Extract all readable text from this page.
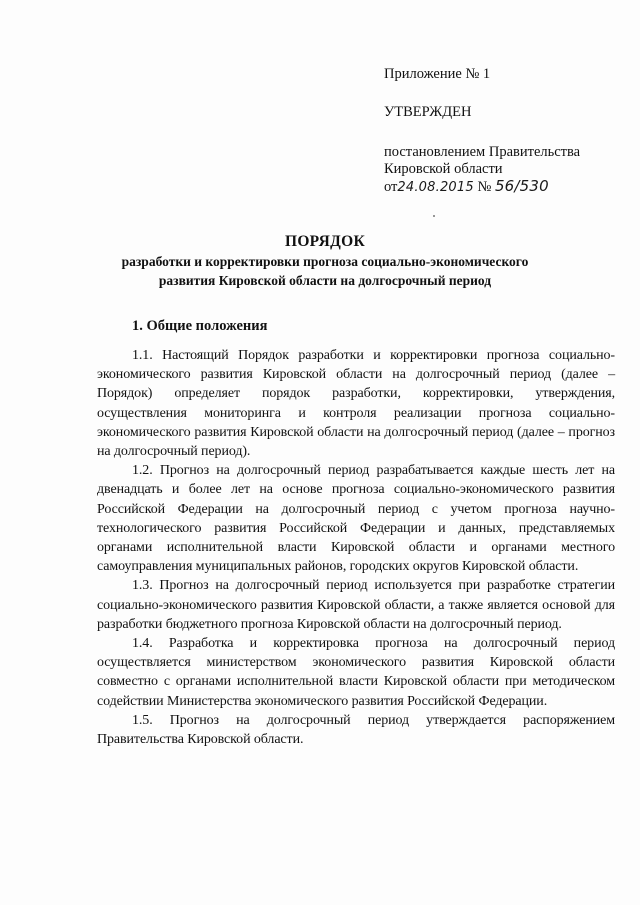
Приложение № 1
УТВЕРЖДЕН
постановлением Правительства
Кировской области
от24.08.2015 № 56/530
ПОРЯДОК
разработки и корректировки прогноза социально-экономического
развития Кировской области на долгосрочный период
1. Общие положения

1.1. Настоящий Порядок разработки и корректировки прогноза социально-экономического развития Кировской области на долгосрочный период (далее – Порядок) определяет порядок разработки, корректировки, утверждения, осуществления мониторинга и контроля реализации прогноза социально-экономического развития Кировской области на долгосрочный период (далее – прогноз на долгосрочный период).

1.2. Прогноз на долгосрочный период разрабатывается каждые шесть лет на двенадцать и более лет на основе прогноза социально-экономического развития Российской Федерации на долгосрочный период с учетом прогноза научно-технологического развития Российской Федерации и данных, представляемых органами исполнительной власти Кировской области и органами местного самоуправления муниципальных районов, городских округов Кировской области.

1.3. Прогноз на долгосрочный период используется при разработке стратегии социально-экономического развития Кировской области, а также является основой для разработки бюджетного прогноза Кировской области на долгосрочный период.

1.4. Разработка и корректировка прогноза на долгосрочный период осуществляется министерством экономического развития Кировской области совместно с органами исполнительной власти Кировской области при методическом содействии Министерства экономического развития Российской Федерации.

1.5. Прогноз на долгосрочный период утверждается распоряжением Правительства Кировской области.
